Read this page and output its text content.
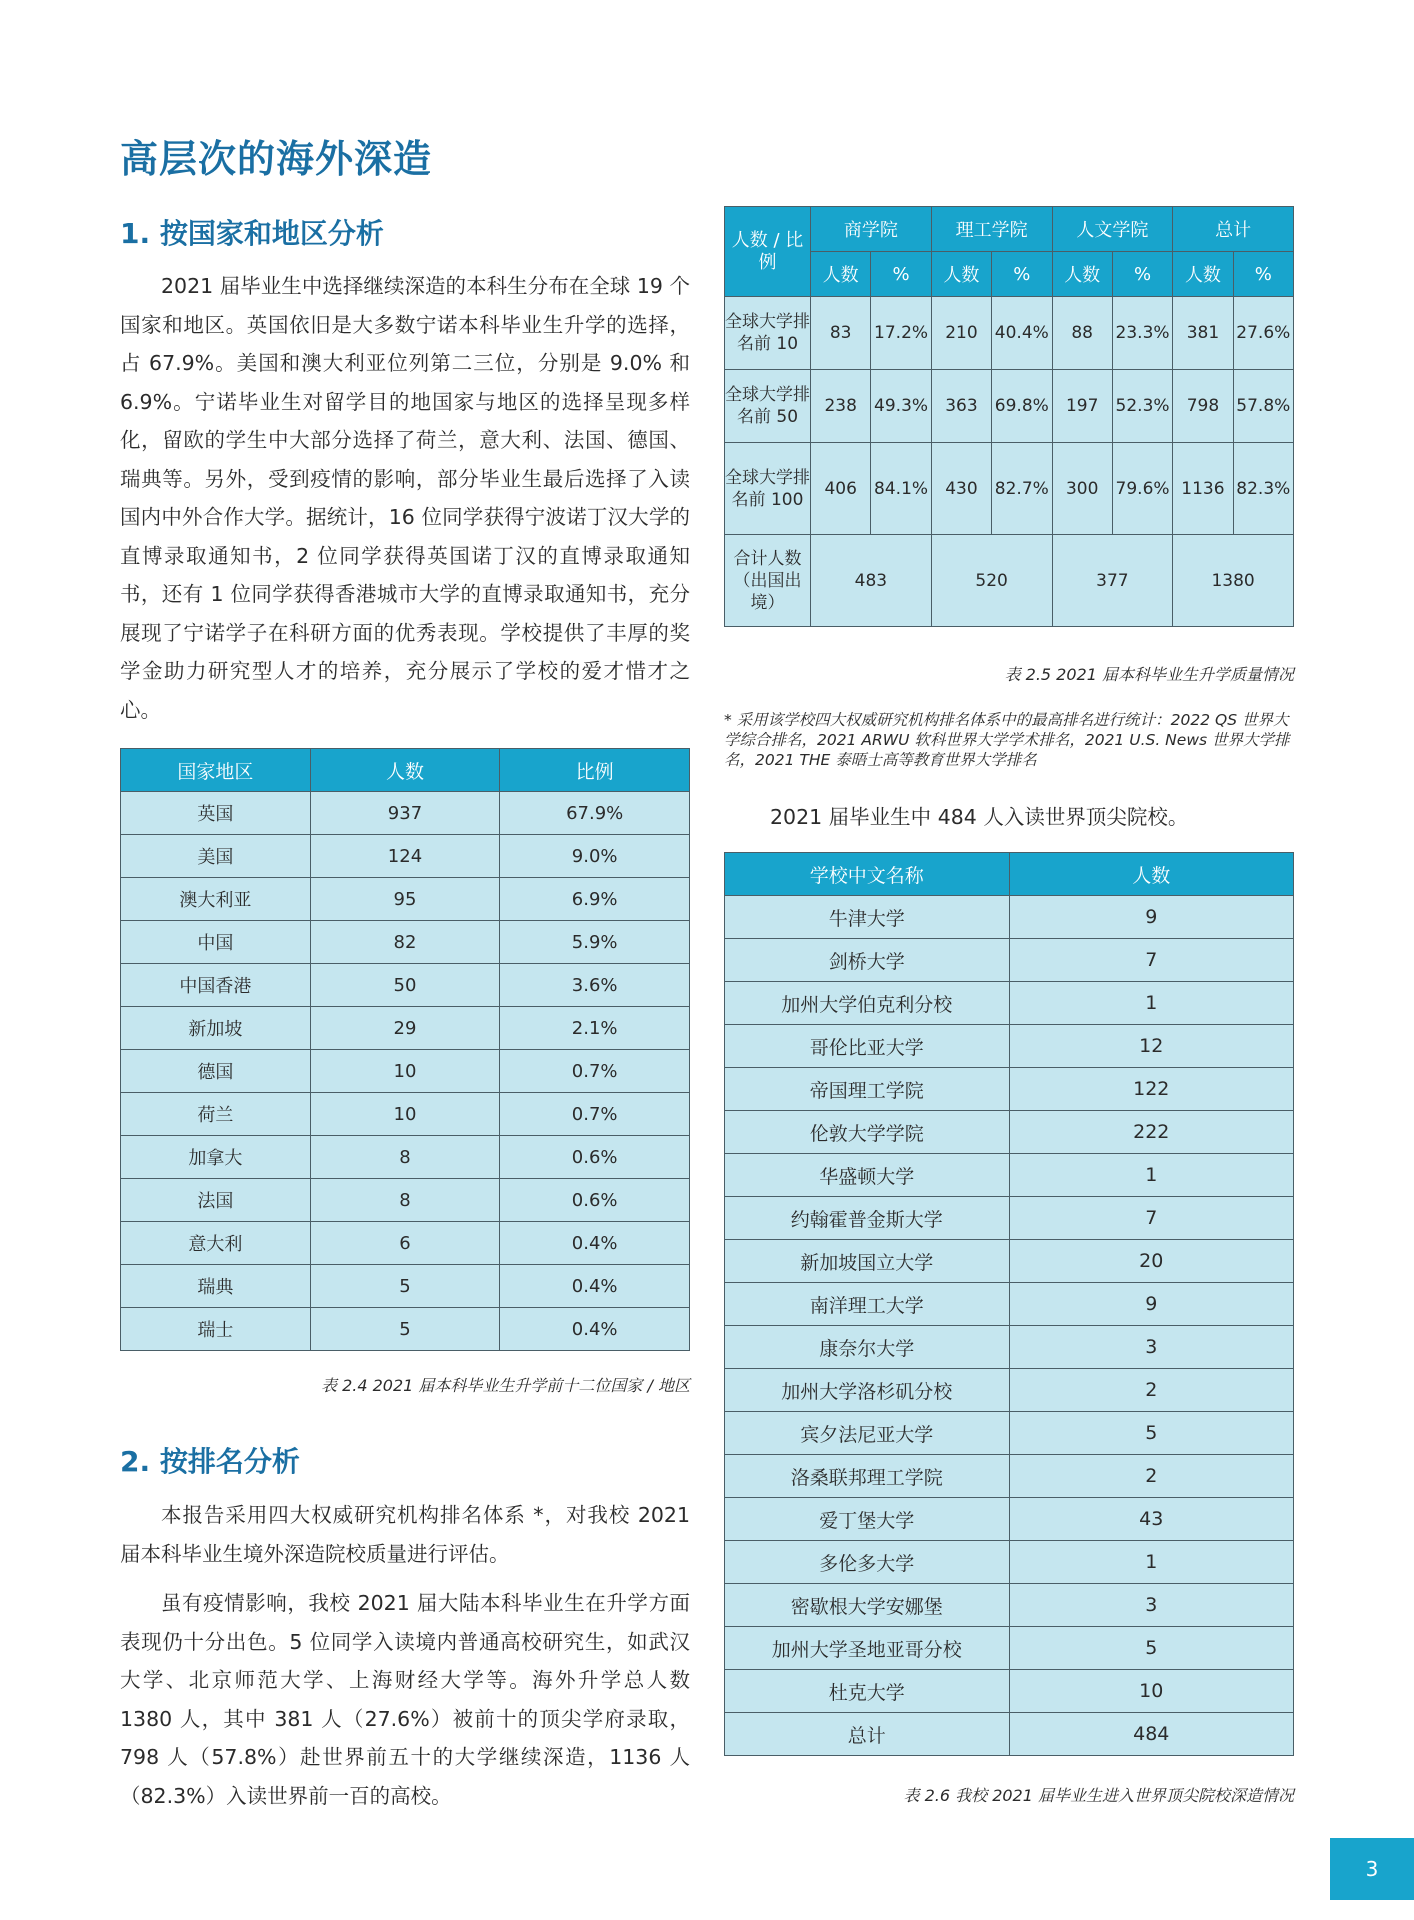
高层次的海外深造
1. 按国家和地区分析

2021 届毕业生中选择继续深造的本科生分布在全球 19 个国家和地区。英国依旧是大多数宁诺本科毕业生升学的选择，占 67.9%。美国和澳大利亚位列第二三位，分别是 9.0% 和 6.9%。宁诺毕业生对留学目的地国家与地区的选择呈现多样化，留欧的学生中大部分选择了荷兰，意大利、法国、德国、瑞典等。另外，受到疫情的影响，部分毕业生最后选择了入读国内中外合作大学。据统计，16 位同学获得宁波诺丁汉大学的直博录取通知书，2 位同学获得英国诺丁汉的直博录取通知书，还有 1 位同学获得香港城市大学的直博录取通知书，充分展现了宁诺学子在科研方面的优秀表现。学校提供了丰厚的奖学金助力研究型人才的培养，充分展示了学校的爱才惜才之心。

国家地区	人数	比例
英国	937	67.9%
美国	124	9.0%
澳大利亚	95	6.9%
中国	82	5.9%
中国香港	50	3.6%
新加坡	29	2.1%
德国	10	0.7%
荷兰	10	0.7%
加拿大	8	0.6%
法国	8	0.6%
意大利	6	0.4%
瑞典	5	0.4%
瑞士	5	0.4%
表 2.4 2021 届本科毕业生升学前十二位国家 / 地区
2. 按排名分析

本报告采用四大权威研究机构排名体系 *，对我校 2021 届本科毕业生境外深造院校质量进行评估。

虽有疫情影响，我校 2021 届大陆本科毕业生在升学方面表现仍十分出色。5 位同学入读境内普通高校研究生，如武汉大学、北京师范大学、上海财经大学等。海外升学总人数 1380 人，其中 381 人（27.6%）被前十的顶尖学府录取，798 人（57.8%）赴世界前五十的大学继续深造，1136 人（82.3%）入读世界前一百的高校。

人数 / 比例	商学院		理工学院		人文学院		总计	
	人数	%	人数	%	人数	%	人数	%
全球大学排名前 10	83	17.2%	210	40.4%	88	23.3%	381	27.6%
全球大学排名前 50	238	49.3%	363	69.8%	197	52.3%	798	57.8%
全球大学排名前 100	406	84.1%	430	82.7%	300	79.6%	1136	82.3%
合计人数（出国出境）	483		520		377		1380	
表 2.5 2021 届本科毕业生升学质量情况
* 采用该学校四大权威研究机构排名体系中的最高排名进行统计：2022 QS 世界大学综合排名，2021 ARWU 软科世界大学学术排名，2021 U.S. News 世界大学排名，2021 THE 泰晤士高等教育世界大学排名
2021 届毕业生中 484 人入读世界顶尖院校。
学校中文名称	人数
牛津大学	9
剑桥大学	7
加州大学伯克利分校	1
哥伦比亚大学	12
帝国理工学院	122
伦敦大学学院	222
华盛顿大学	1
约翰霍普金斯大学	7
新加坡国立大学	20
南洋理工大学	9
康奈尔大学	3
加州大学洛杉矶分校	2
宾夕法尼亚大学	5
洛桑联邦理工学院	2
爱丁堡大学	43
多伦多大学	1
密歇根大学安娜堡	3
加州大学圣地亚哥分校	5
杜克大学	10
总计	484
表 2.6 我校 2021 届毕业生进入世界顶尖院校深造情况
3
